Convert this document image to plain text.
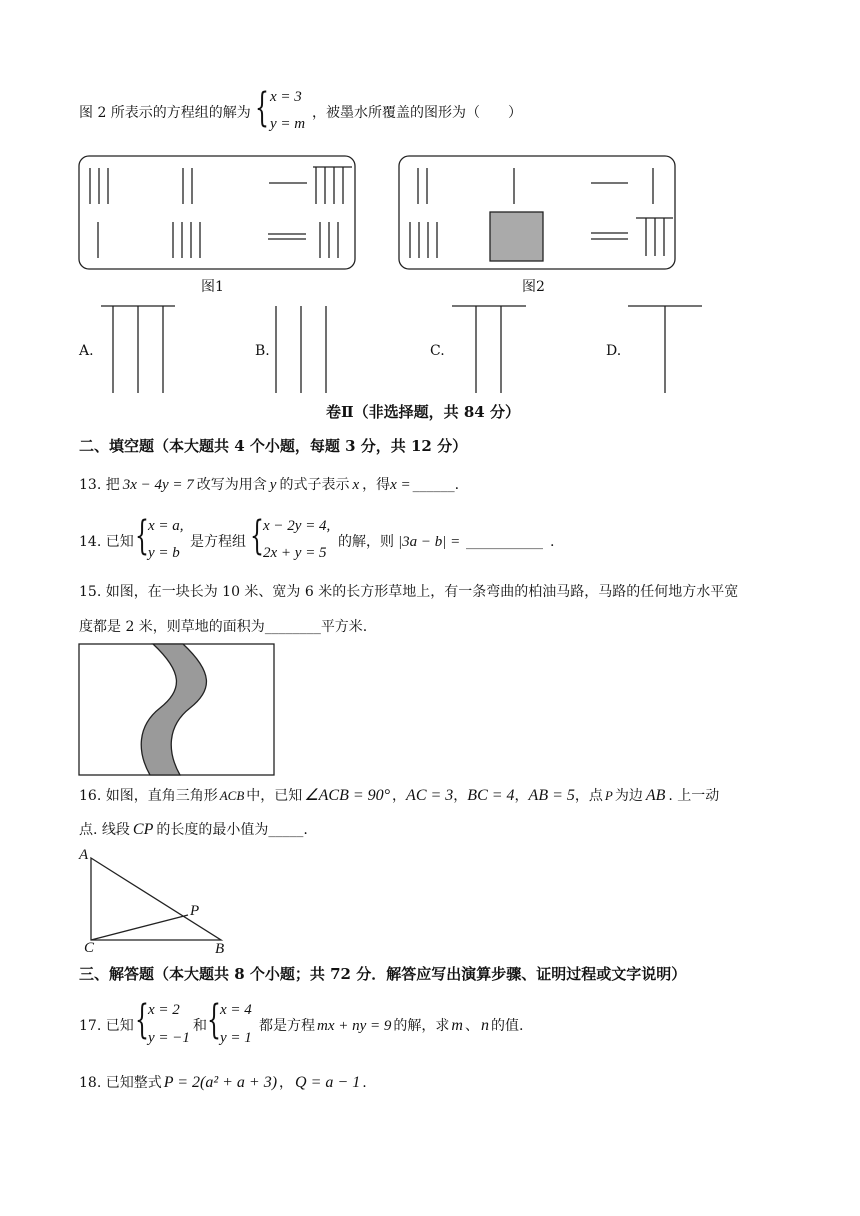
图 2 所表示的方程组的解为 { x = 3
y = m
，被墨水所覆盖的图形为（　　）
图1	图2
A.	B.	C.	D.
卷Ⅱ（非选择题，共 84 分）
二、填空题（本大题共 4 个小题，每题 3 分，共 12 分）
13. 把 3x − 4y = 7 改写为用含 y 的式子表示 x ，得x = ______.
14. 已知 { x = a,
y = b
是方程组 { x − 2y = 4,
2x + y = 5
的解，则 |3a − b| = ___________ .
15. 如图，在一块长为 10 米、宽为 6 米的长方形草地上，有一条弯曲的柏油马路，马路的任何地方水平宽
度都是 2 米，则草地的面积为________平方米.
16. 如图，直角三角形 ACB 中，已知 ∠ACB = 90° ，AC = 3，BC = 4，AB = 5，点 P 为边 AB . 上一动
点. 线段 CP 的长度的最小值为_____.
A
C	B
P
三、解答题（本大题共 8 个小题；共 72 分．解答应写出演算步骤、证明过程或文字说明）
17. 已知 { x = 2
y = −1
和 { x = 4
y = 1
都是方程 mx + ny = 9 的解，求 m 、 n 的值.
18. 已知整式 P = 2(a² + a + 3) ， Q = a − 1 .
